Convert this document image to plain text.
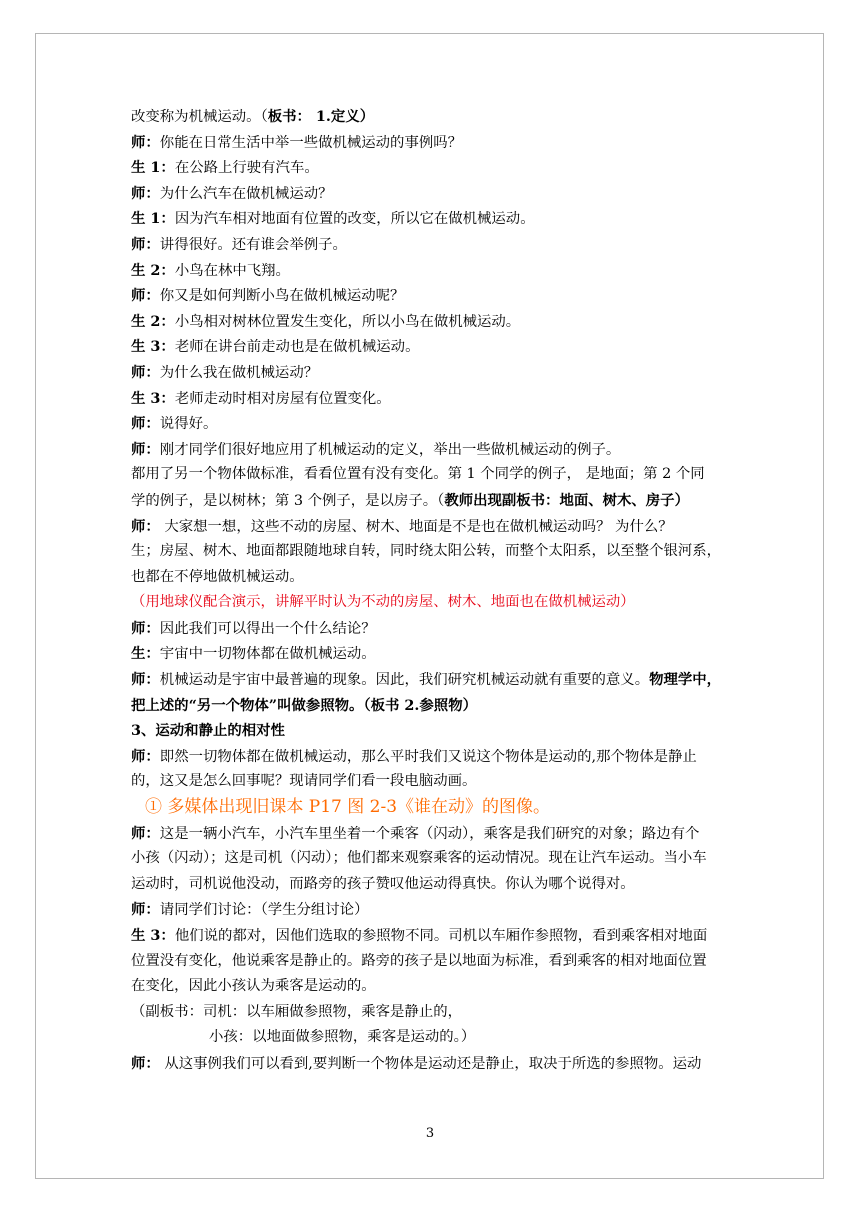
改变称为机械运动。（板书： 1.定义）
师：你能在日常生活中举一些做机械运动的事例吗？
生 1：在公路上行驶有汽车。
师：为什么汽车在做机械运动？
生 1：因为汽车相对地面有位置的改变，所以它在做机械运动。
师：讲得很好。还有谁会举例子。
生 2：小鸟在林中飞翔。
师：你又是如何判断小鸟在做机械运动呢？
生 2：小鸟相对树林位置发生变化，所以小鸟在做机械运动。
生 3：老师在讲台前走动也是在做机械运动。
师：为什么我在做机械运动？
生 3：老师走动时相对房屋有位置变化。
师：说得好。
师：刚才同学们很好地应用了机械运动的定义，举出一些做机械运动的例子。
都用了另一个物体做标准，看看位置有没有变化。第 1 个同学的例子， 是地面；第 2 个同
学的例子，是以树林；第 3 个例子，是以房子。（教师出现副板书：地面、树木、房子）
师： 大家想一想，这些不动的房屋、树木、地面是不是也在做机械运动吗？ 为什么？
生；房屋、树木、地面都跟随地球自转，同时绕太阳公转，而整个太阳系，以至整个银河系，
也都在不停地做机械运动。
（用地球仪配合演示，讲解平时认为不动的房屋、树木、地面也在做机械运动）
师：因此我们可以得出一个什么结论？
生：宇宙中一切物体都在做机械运动。
师：机械运动是宇宙中最普遍的现象。因此，我们研究机械运动就有重要的意义。物理学中，
把上述的“另一个物体”叫做参照物。（板书 2.参照物）
3、运动和静止的相对性
师：即然一切物体都在做机械运动，那么平时我们又说这个物体是运动的,那个物体是静止
的，这又是怎么回事呢？现请同学们看一段电脑动画。
① 多媒体出现旧课本 P17 图 2-3《谁在动》的图像。
师：这是一辆小汽车，小汽车里坐着一个乘客（闪动），乘客是我们研究的对象；路边有个
小孩（闪动）；这是司机（闪动）；他们都来观察乘客的运动情况。现在让汽车运动。当小车
运动时，司机说他没动，而路旁的孩子赞叹他运动得真快。你认为哪个说得对。
师：请同学们讨论：（学生分组讨论）
生 3：他们说的都对，因他们选取的参照物不同。司机以车厢作参照物，看到乘客相对地面
位置没有变化，他说乘客是静止的。路旁的孩子是以地面为标准，看到乘客的相对地面位置
在变化，因此小孩认为乘客是运动的。
（副板书：司机：以车厢做参照物，乘客是静止的，
小孩：以地面做参照物，乘客是运动的。）
师： 从这事例我们可以看到,要判断一个物体是运动还是静止，取决于所选的参照物。运动
3
